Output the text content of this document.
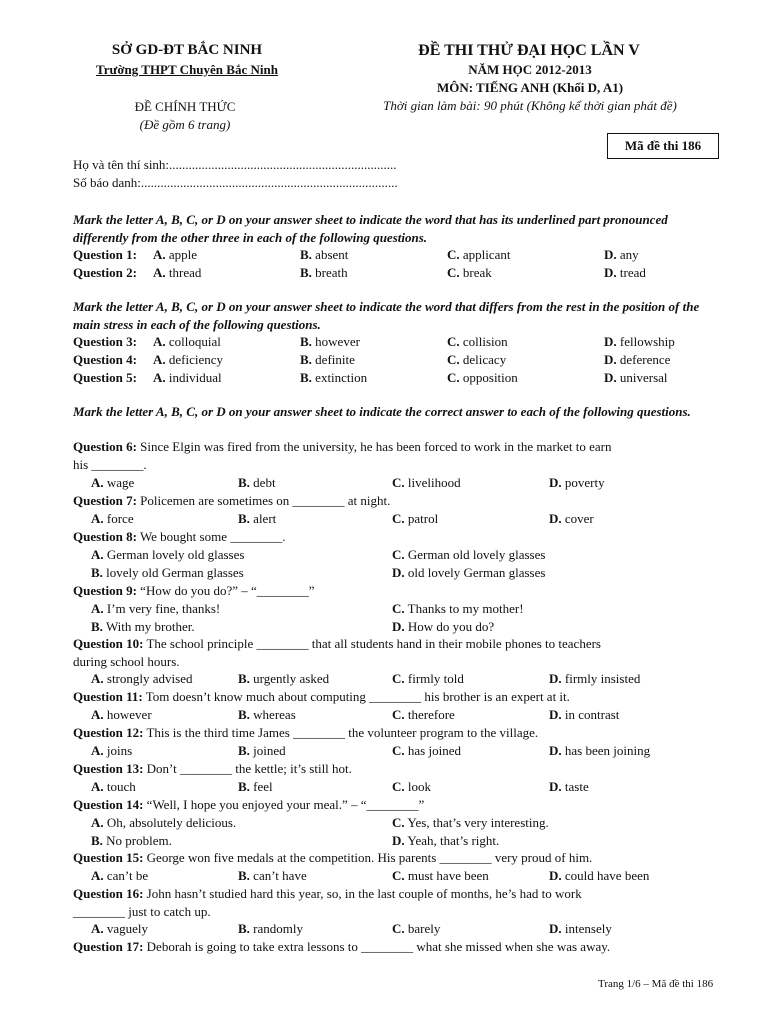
SỞ GD-ĐT BẮC NINH
Trường THPT Chuyên Bắc Ninh
ĐỀ CHÍNH THỨC
(Đề gồm 6 trang)
ĐỀ THI THỬ ĐẠI HỌC LẦN V
NĂM HỌC 2012-2013
MÔN: TIẾNG ANH (Khối D, A1)
Thời gian làm bài: 90 phút (Không kể thời gian phát đề)
Mã đề thi 186
Họ và tên thí sinh:......................................................................
Số báo danh:...............................................................................
Mark the letter A, B, C, or D on your answer sheet to indicate the word that has its underlined part pronounced differently from the other three in each of the following questions.
Question 1: A. apple	B. absent	C. applicant	D. any
Question 2: A. thread	B. breath	C. break	D. tread
Mark the letter A, B, C, or D on your answer sheet to indicate the word that differs from the rest in the position of the main stress in each of the following questions.
Question 3: A. colloquial	B. however	C. collision	D. fellowship
Question 4: A. deficiency	B. definite	C. delicacy	D. deference
Question 5: A. individual	B. extinction	C. opposition	D. universal
Mark the letter A, B, C, or D on your answer sheet to indicate the correct answer to each of the following questions.
Question 6: Since Elgin was fired from the university, he has been forced to work in the market to earn
his ________.
A. wage	B. debt	C. livelihood	D. poverty
Question 7: Policemen are sometimes on ________ at night.
A. force	B. alert	C. patrol	D. cover
Question 8: We bought some ________.
A. German lovely old glasses	C. German old lovely glasses
B. lovely old German glasses	D. old lovely German glasses
Question 9: “How do you do?” – “________”
A. I’m very fine, thanks!	C. Thanks to my mother!
B. With my brother.	D. How do you do?
Question 10: The school principle ________ that all students hand in their mobile phones to teachers
during school hours.
A. strongly advised	B. urgently asked	C. firmly told	D. firmly insisted
Question 11: Tom doesn’t know much about computing ________ his brother is an expert at it.
A. however	B. whereas	C. therefore	D. in contrast
Question 12: This is the third time James ________ the volunteer program to the village.
A. joins	B. joined	C. has joined	D. has been joining
Question 13: Don’t ________ the kettle; it’s still hot.
A. touch	B. feel	C. look	D. taste
Question 14: “Well, I hope you enjoyed your meal.” – “________”
A. Oh, absolutely delicious.	C. Yes, that’s very interesting.
B. No problem.	D. Yeah, that’s right.
Question 15: George won five medals at the competition. His parents ________ very proud of him.
A. can’t be	B. can’t have	C. must have been	D. could have been
Question 16: John hasn’t studied hard this year, so, in the last couple of months, he’s had to work
________ just to catch up.
A. vaguely	B. randomly	C. barely	D. intensely
Question 17: Deborah is going to take extra lessons to ________ what she missed when she was away.
Trang 1/6 – Mã đề thi 186
